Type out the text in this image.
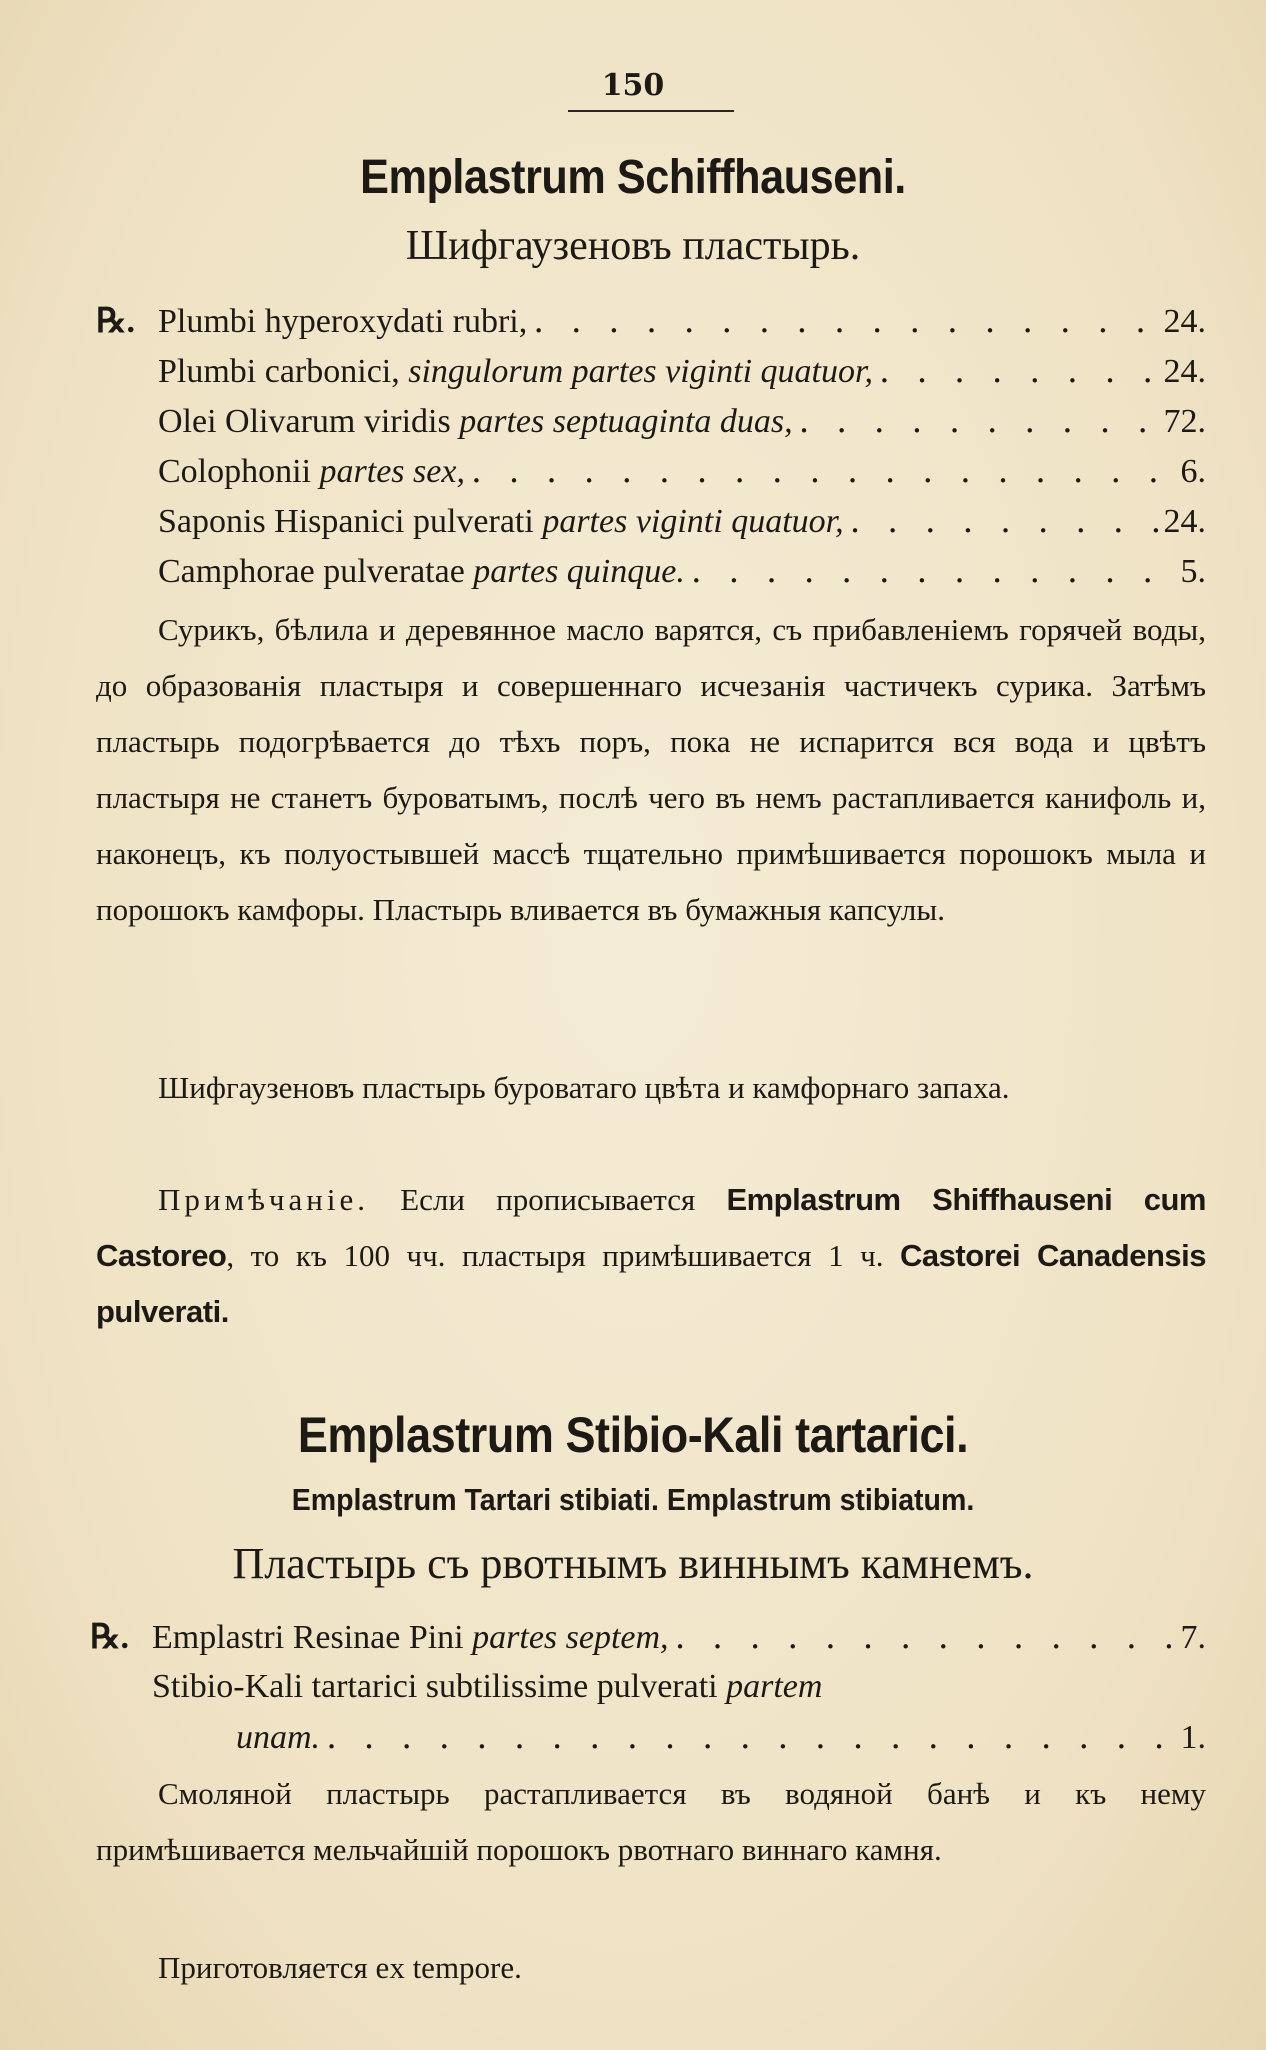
150
Emplastrum Schiffhauseni.
Шифгаузеновъ пластырь.
℞. Plumbi hyperoxydati rubri, . . .	24.
Plumbi carbonici, singulorum partes viginti quatuor, . . .	24.
Olei Olivarum viridis partes septuaginta duas, . . .	72.
Colophonii partes sex, . . .	6.
Saponis Hispanici pulverati partes viginti quatuor, . . .	24.
Camphorae pulveratae partes quinque. . . .	5.
Сурикъ, бѣлила и деревянное масло варятся, съ прибавленіемъ горячей воды, до образованія пластыря и совершеннаго исчезанія частичекъ сурика. Затѣмъ пластырь подогрѣвается до тѣхъ поръ, пока не испарится вся вода и цвѣтъ пластыря не станетъ буроватымъ, послѣ чего въ немъ растапливается канифоль и, наконецъ, къ полуостывшей массѣ тщательно примѣшивается порошокъ мыла и порошокъ камфоры. Пластырь вливается въ бумажныя капсулы.
Шифгаузеновъ пластырь буроватаго цвѣта и камфорнаго запаха.
Примѣчаніе. Если прописывается Emplastrum Shiffhauseni cum Castoreo, то къ 100 чч. пластыря примѣшивается 1 ч. Castorei Canadensis pulverati.
Emplastrum Stibio-Kali tartarici.
Emplastrum Tartari stibiati. Emplastrum stibiatum.
Пластырь съ рвотнымъ виннымъ камнемъ.
℞. Emplastri Resinae Pini partes septem, . . .	7.
Stibio-Kali tartarici subtilissime pulverati partem
unam. . . .	1.
Смоляной пластырь растапливается въ водяной банѣ и къ нему примѣшивается мельчайшій порошокъ рвотнаго виннаго камня.
Приготовляется ex tempore.
